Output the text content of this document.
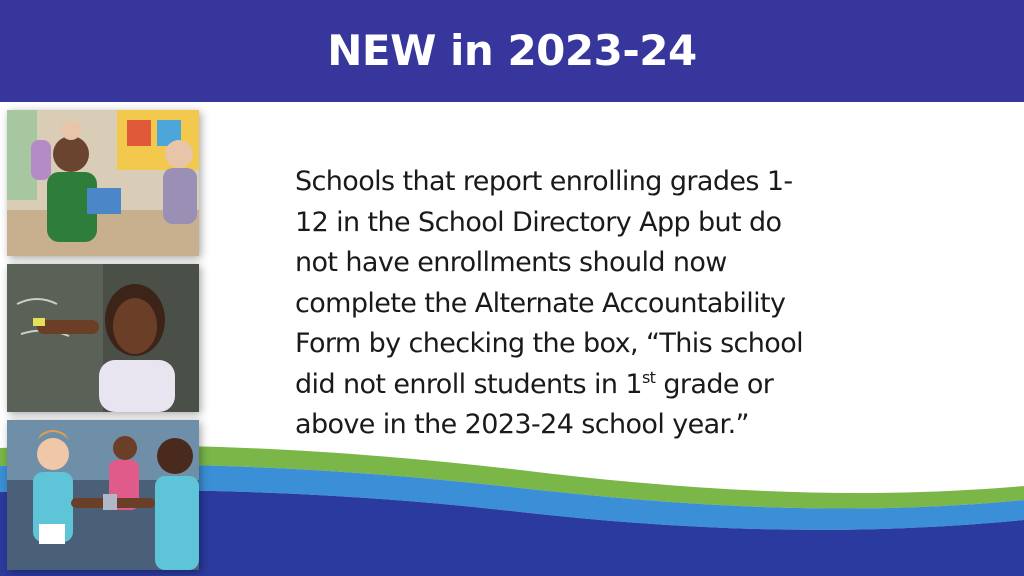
NEW in 2023-24

Schools that report enrolling grades 1-
12 in the School Directory App but do
not have enrollments should now
complete the Alternate Accountability
Form by checking the box, “This school
did not enroll students in 1st grade or
above in the 2023-24 school year.”
